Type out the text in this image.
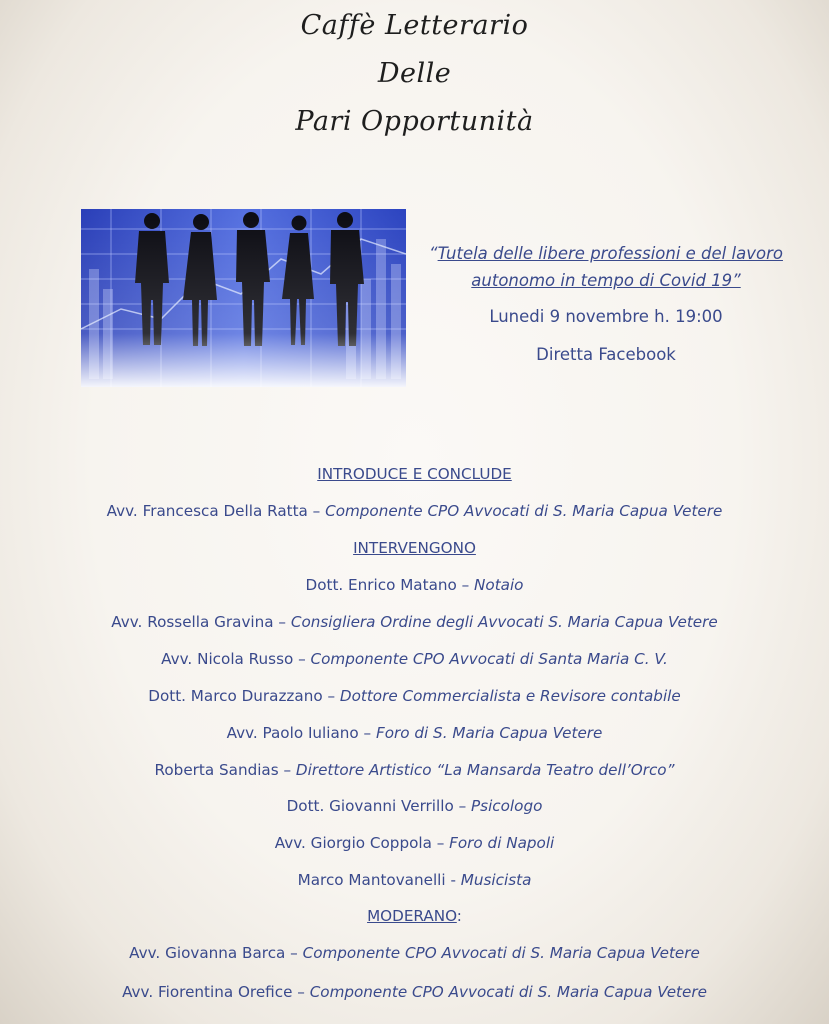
Caffè Letterario
Delle
Pari Opportunità
“Tutela delle libere professioni e del lavoro
autonomo in tempo di Covid 19”
Lunedi 9 novembre h. 19:00
Diretta Facebook
INTRODUCE E CONCLUDE
Avv. Francesca Della Ratta – Componente CPO Avvocati di S. Maria Capua Vetere
INTERVENGONO
Dott. Enrico Matano – Notaio
Avv. Rossella Gravina – Consigliera Ordine degli Avvocati S. Maria Capua Vetere
Avv. Nicola Russo – Componente CPO Avvocati di Santa Maria C. V.
Dott. Marco Durazzano – Dottore Commercialista e Revisore contabile
Avv. Paolo Iuliano – Foro di S. Maria Capua Vetere
Roberta Sandias – Direttore Artistico “La Mansarda Teatro dell’Orco”
Dott. Giovanni Verrillo – Psicologo
Avv. Giorgio Coppola – Foro di Napoli
Marco Mantovanelli - Musicista
MODERANO:
Avv. Giovanna Barca – Componente CPO Avvocati di S. Maria Capua Vetere
Avv. Fiorentina Orefice – Componente CPO Avvocati di S. Maria Capua Vetere
